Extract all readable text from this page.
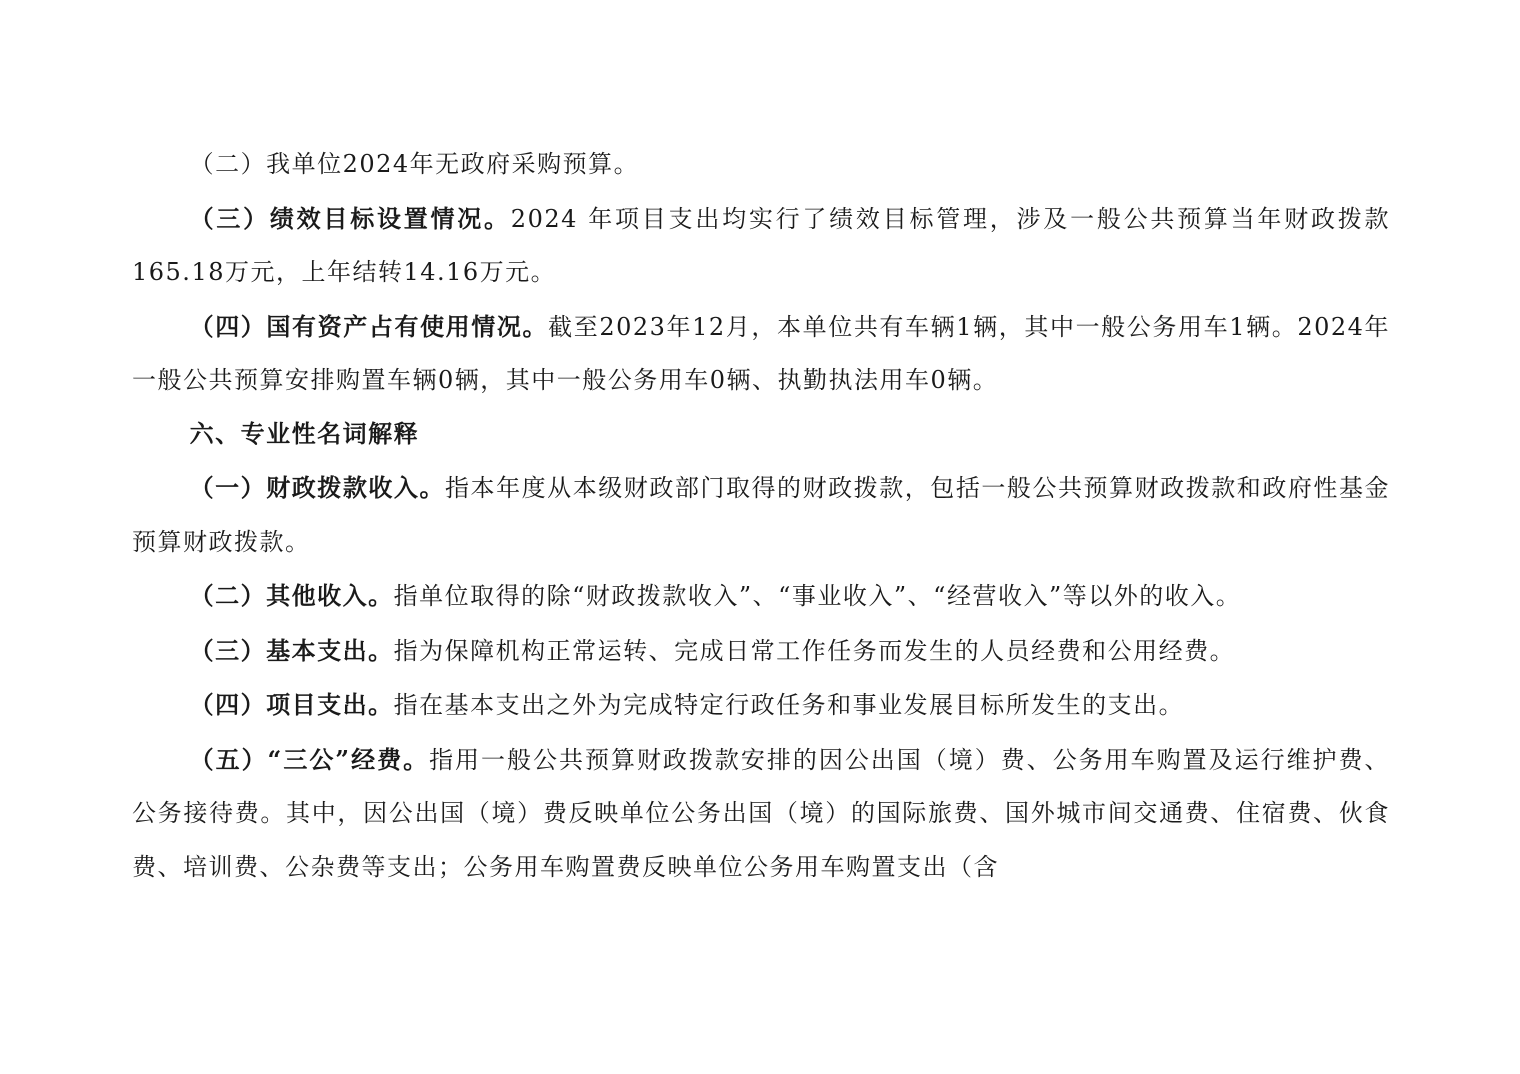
（二）我单位2024年无政府采购预算。

（三）绩效目标设置情况。2024 年项目支出均实行了绩效目标管理，涉及一般公共预算当年财政拨款165.18万元，上年结转14.16万元。

（四）国有资产占有使用情况。截至2023年12月，本单位共有车辆1辆，其中一般公务用车1辆。2024年一般公共预算安排购置车辆0辆，其中一般公务用车0辆、执勤执法用车0辆。

六、专业性名词解释

（一）财政拨款收入。指本年度从本级财政部门取得的财政拨款，包括一般公共预算财政拨款和政府性基金预算财政拨款。

（二）其他收入。指单位取得的除“财政拨款收入”、“事业收入”、“经营收入”等以外的收入。

（三）基本支出。指为保障机构正常运转、完成日常工作任务而发生的人员经费和公用经费。

（四）项目支出。指在基本支出之外为完成特定行政任务和事业发展目标所发生的支出。

（五）“三公”经费。指用一般公共预算财政拨款安排的因公出国（境）费、公务用车购置及运行维护费、公务接待费。其中，因公出国（境）费反映单位公务出国（境）的国际旅费、国外城市间交通费、住宿费、伙食费、培训费、公杂费等支出；公务用车购置费反映单位公务用车购置支出（含
